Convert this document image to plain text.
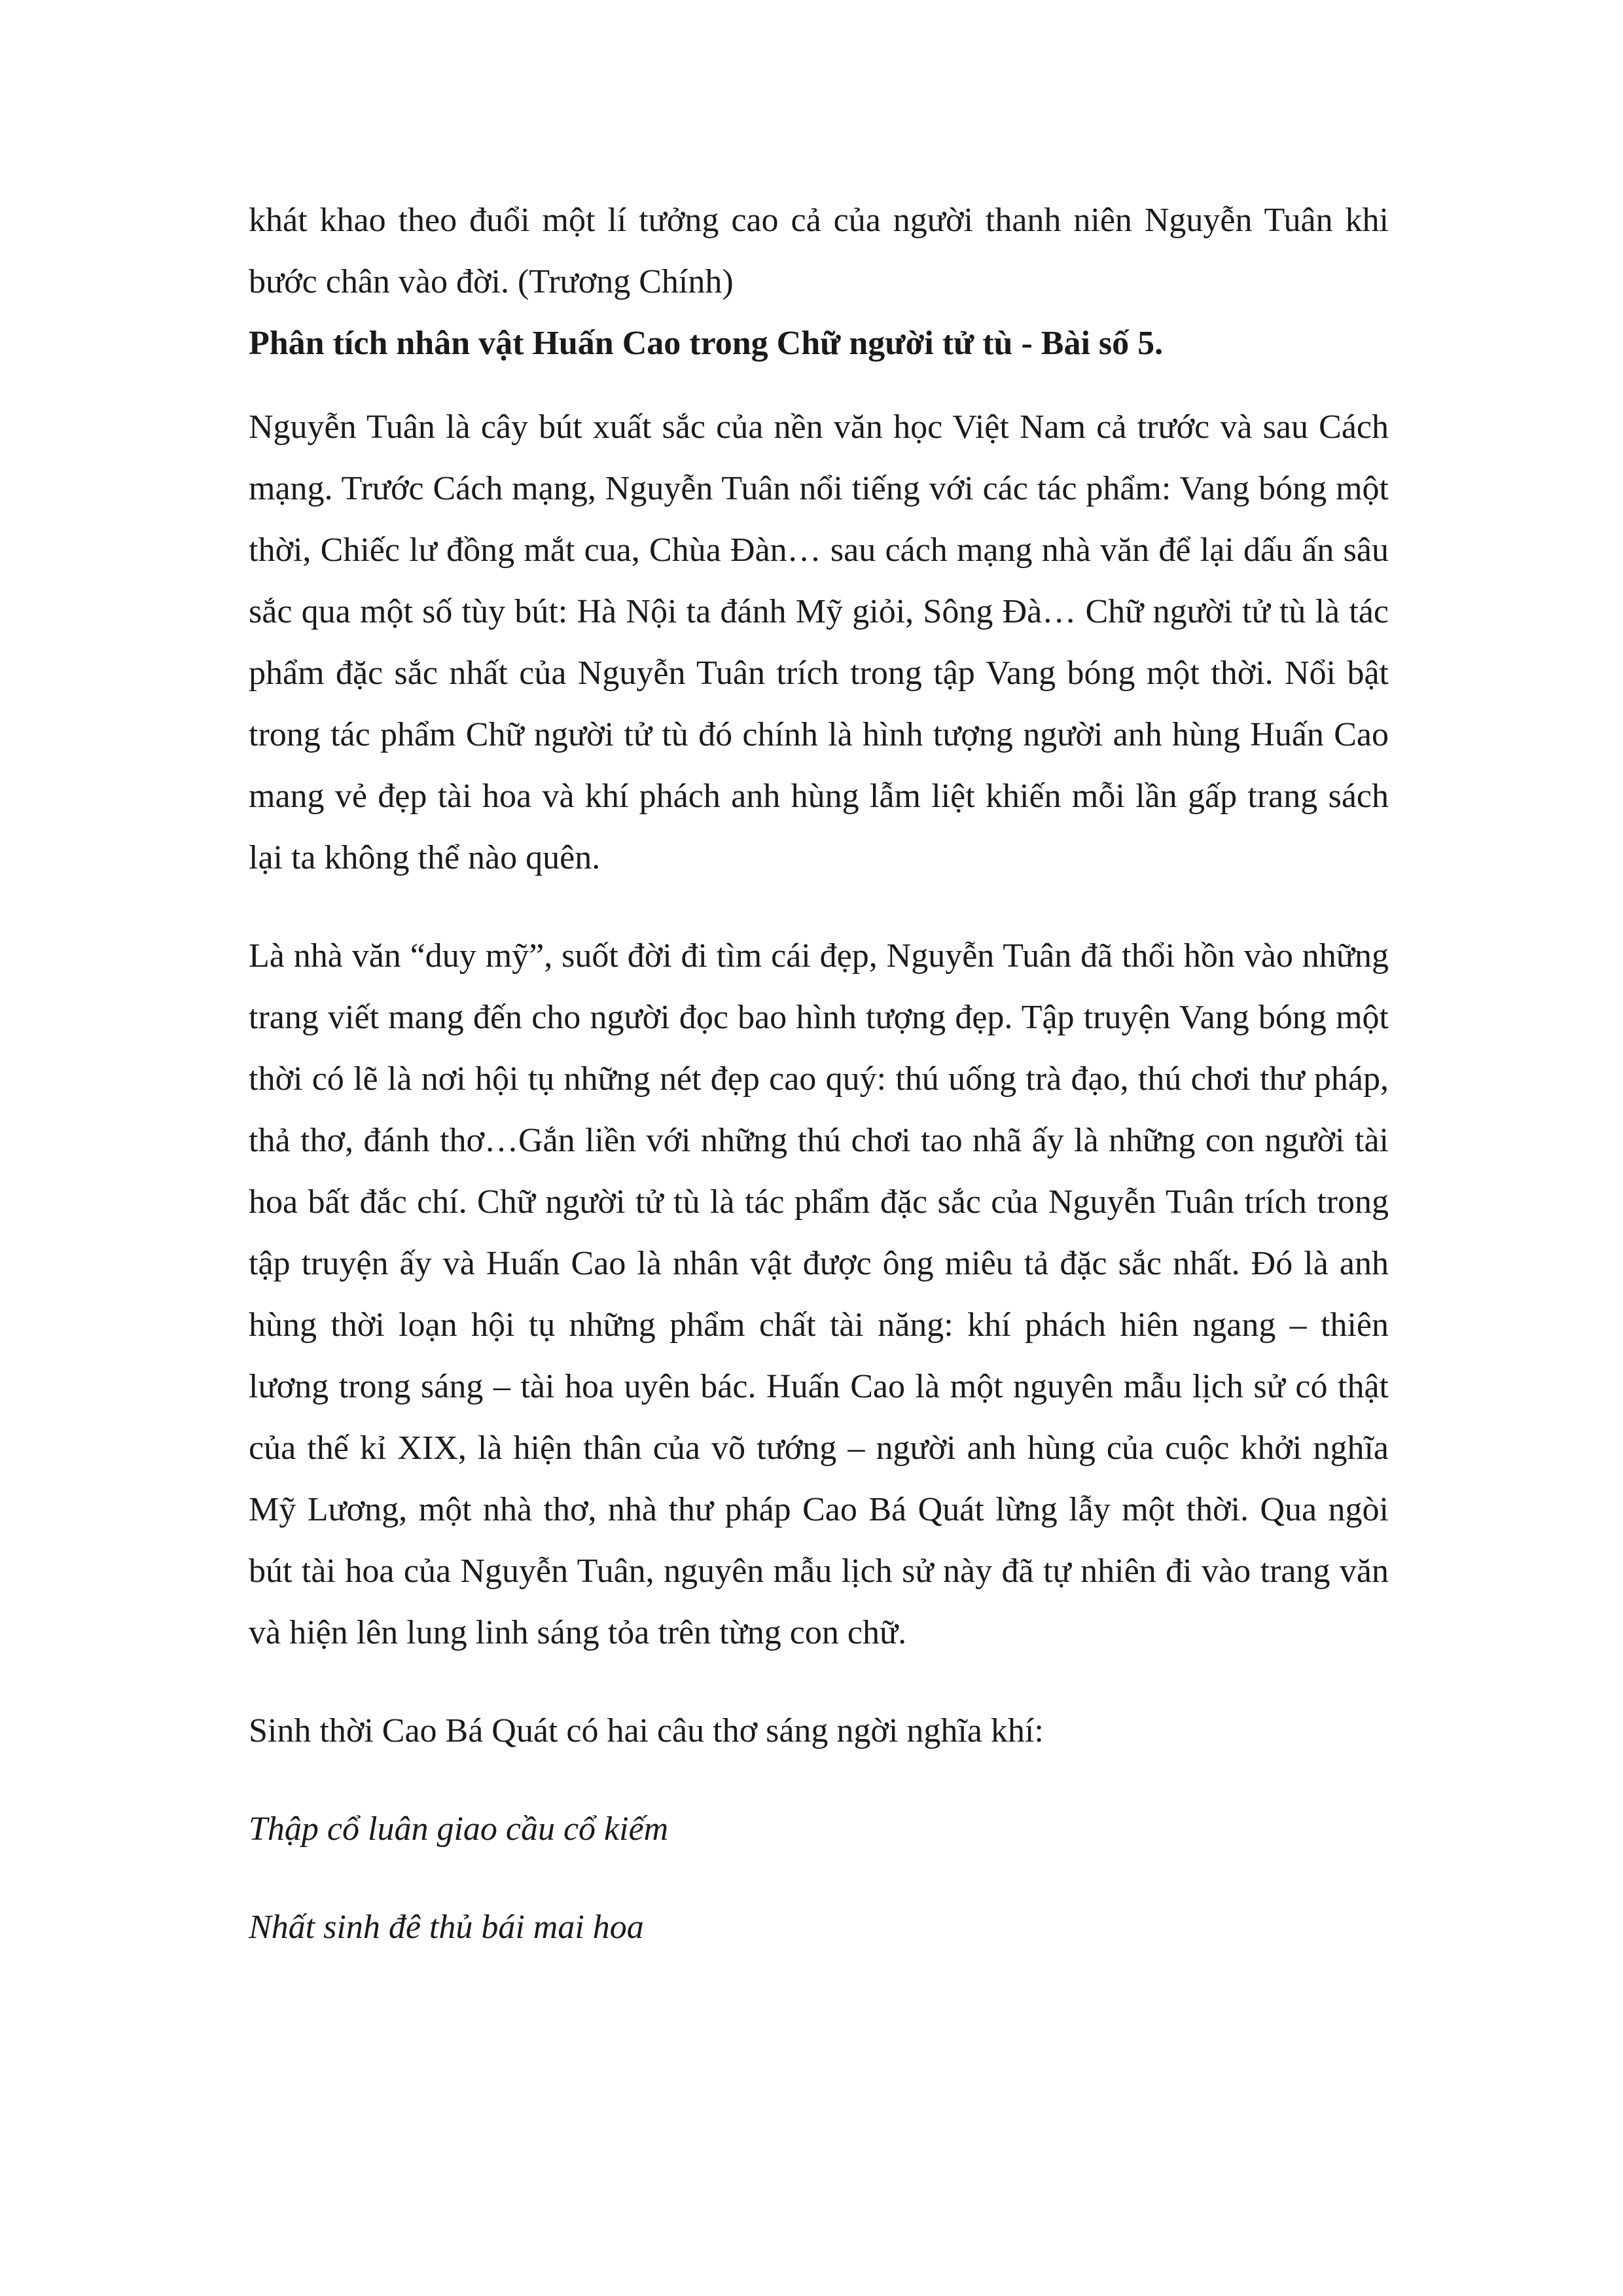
khát khao theo đuổi một lí tưởng cao cả của người thanh niên Nguyễn Tuân khi bước chân vào đời. (Trương Chính)

Phân tích nhân vật Huấn Cao trong Chữ người tử tù - Bài số 5.

Nguyễn Tuân là cây bút xuất sắc của nền văn học Việt Nam cả trước và sau Cách mạng. Trước Cách mạng, Nguyễn Tuân nổi tiếng với các tác phẩm: Vang bóng một thời, Chiếc lư đồng mắt cua, Chùa Đàn… sau cách mạng nhà văn để lại dấu ấn sâu sắc qua một số tùy bút: Hà Nội ta đánh Mỹ giỏi, Sông Đà… Chữ người tử tù là tác phẩm đặc sắc nhất của Nguyễn Tuân trích trong tập Vang bóng một thời. Nổi bật trong tác phẩm Chữ người tử tù đó chính là hình tượng người anh hùng Huấn Cao mang vẻ đẹp tài hoa và khí phách anh hùng lẫm liệt khiến mỗi lần gấp trang sách lại ta không thể nào quên.

Là nhà văn “duy mỹ”, suốt đời đi tìm cái đẹp, Nguyễn Tuân đã thổi hồn vào những trang viết mang đến cho người đọc bao hình tượng đẹp. Tập truyện Vang bóng một thời có lẽ là nơi hội tụ những nét đẹp cao quý: thú uống trà đạo, thú chơi thư pháp, thả thơ, đánh thơ…Gắn liền với những thú chơi tao nhã ấy là những con người tài hoa bất đắc chí. Chữ người tử tù là tác phẩm đặc sắc của Nguyễn Tuân trích trong tập truyện ấy và Huấn Cao là nhân vật được ông miêu tả đặc sắc nhất. Đó là anh hùng thời loạn hội tụ những phẩm chất tài năng: khí phách hiên ngang – thiên lương trong sáng – tài hoa uyên bác. Huấn Cao là một nguyên mẫu lịch sử có thật của thế kỉ XIX, là hiện thân của võ tướng – người anh hùng của cuộc khởi nghĩa Mỹ Lương, một nhà thơ, nhà thư pháp Cao Bá Quát lừng lẫy một thời. Qua ngòi bút tài hoa của Nguyễn Tuân, nguyên mẫu lịch sử này đã tự nhiên đi vào trang văn và hiện lên lung linh sáng tỏa trên từng con chữ.

Sinh thời Cao Bá Quát có hai câu thơ sáng ngời nghĩa khí:

Thập cổ luân giao cầu cổ kiếm

Nhất sinh đê thủ bái mai hoa
